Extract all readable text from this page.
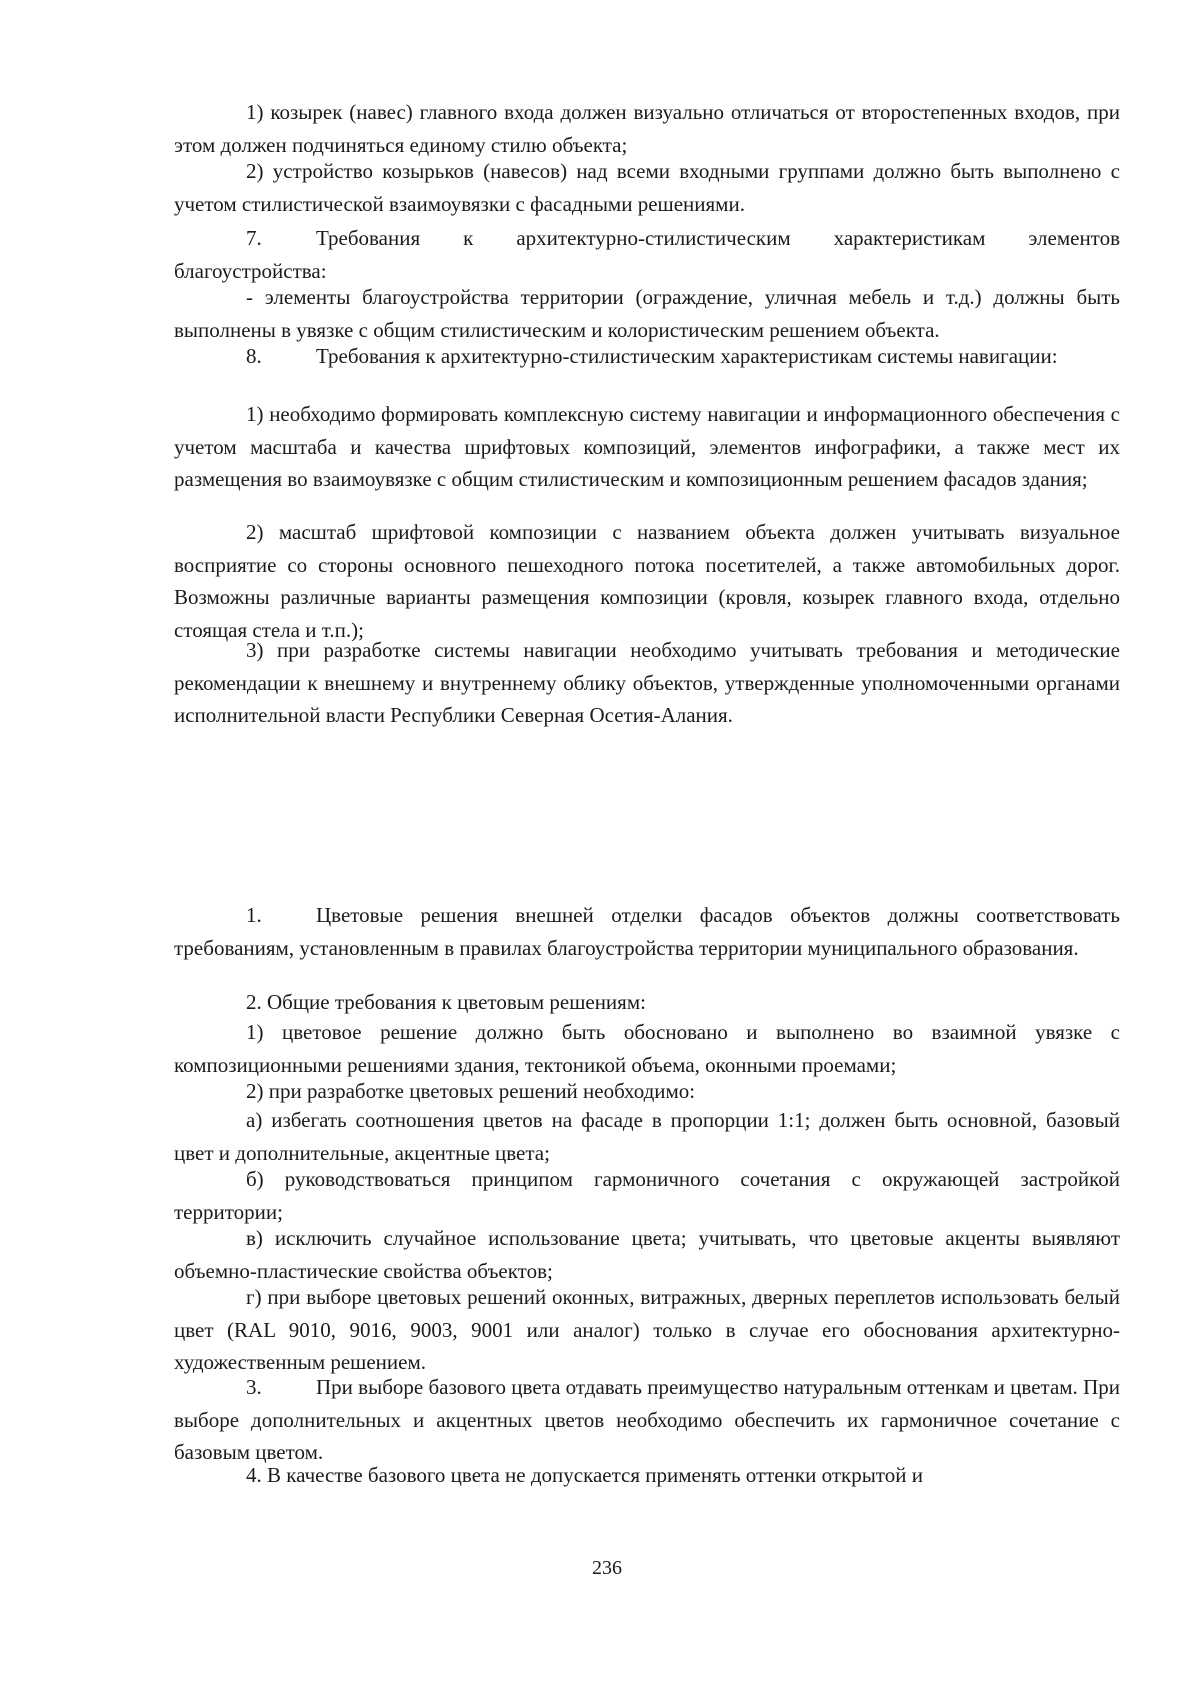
1) козырек (навес) главного входа должен визуально отличаться от второстепенных входов, при этом должен подчиняться единому стилю объекта;

2) устройство козырьков (навесов) над всеми входными группами должно быть выполнено с учетом стилистической взаимоувязки с фасадными решениями.

7.	Требования к архитектурно-стилистическим характеристикам элементов благоустройства:

- элементы благоустройства территории (ограждение, уличная мебель и т.д.) должны быть выполнены в увязке с общим стилистическим и колористическим решением объекта.

8.	Требования к архитектурно-стилистическим характеристикам системы навигации:

1) необходимо формировать комплексную систему навигации и информационного обеспечения с учетом масштаба и качества шрифтовых композиций, элементов инфографики, а также мест их размещения во взаимоувязке с общим стилистическим и композиционным решением фасадов здания;

2) масштаб шрифтовой композиции с названием объекта должен учитывать визуальное восприятие со стороны основного пешеходного потока посетителей, а также автомобильных дорог. Возможны различные варианты размещения композиции (кровля, козырек главного входа, отдельно стоящая стела и т.п.);

3) при разработке системы навигации необходимо учитывать требования и методические рекомендации к внешнему и внутреннему облику объектов, утвержденные уполномоченными органами исполнительной власти Республики Северная Осетия-Алания.

1.	Цветовые решения внешней отделки фасадов объектов должны соответствовать требованиям, установленным в правилах благоустройства территории муниципального образования.

2. Общие требования к цветовым решениям:

1) цветовое решение должно быть обосновано и выполнено во взаимной увязке с композиционными решениями здания, тектоникой объема, оконными проемами;

2) при разработке цветовых решений необходимо:

а) избегать соотношения цветов на фасаде в пропорции 1:1; должен быть основной, базовый цвет и дополнительные, акцентные цвета;

б) руководствоваться принципом гармоничного сочетания с окружающей застройкой территории;

в) исключить случайное использование цвета; учитывать, что цветовые акценты выявляют объемно-пластические свойства объектов;

г) при выборе цветовых решений оконных, витражных, дверных переплетов использовать белый цвет (RAL 9010, 9016, 9003, 9001 или аналог) только в случае его обоснования архитектурно-художественным решением.

3.	При выборе базового цвета отдавать преимущество натуральным оттенкам и цветам. При выборе дополнительных и акцентных цветов необходимо обеспечить их гармоничное сочетание с базовым цветом.

4. В качестве базового цвета не допускается применять оттенки открытой и

236
